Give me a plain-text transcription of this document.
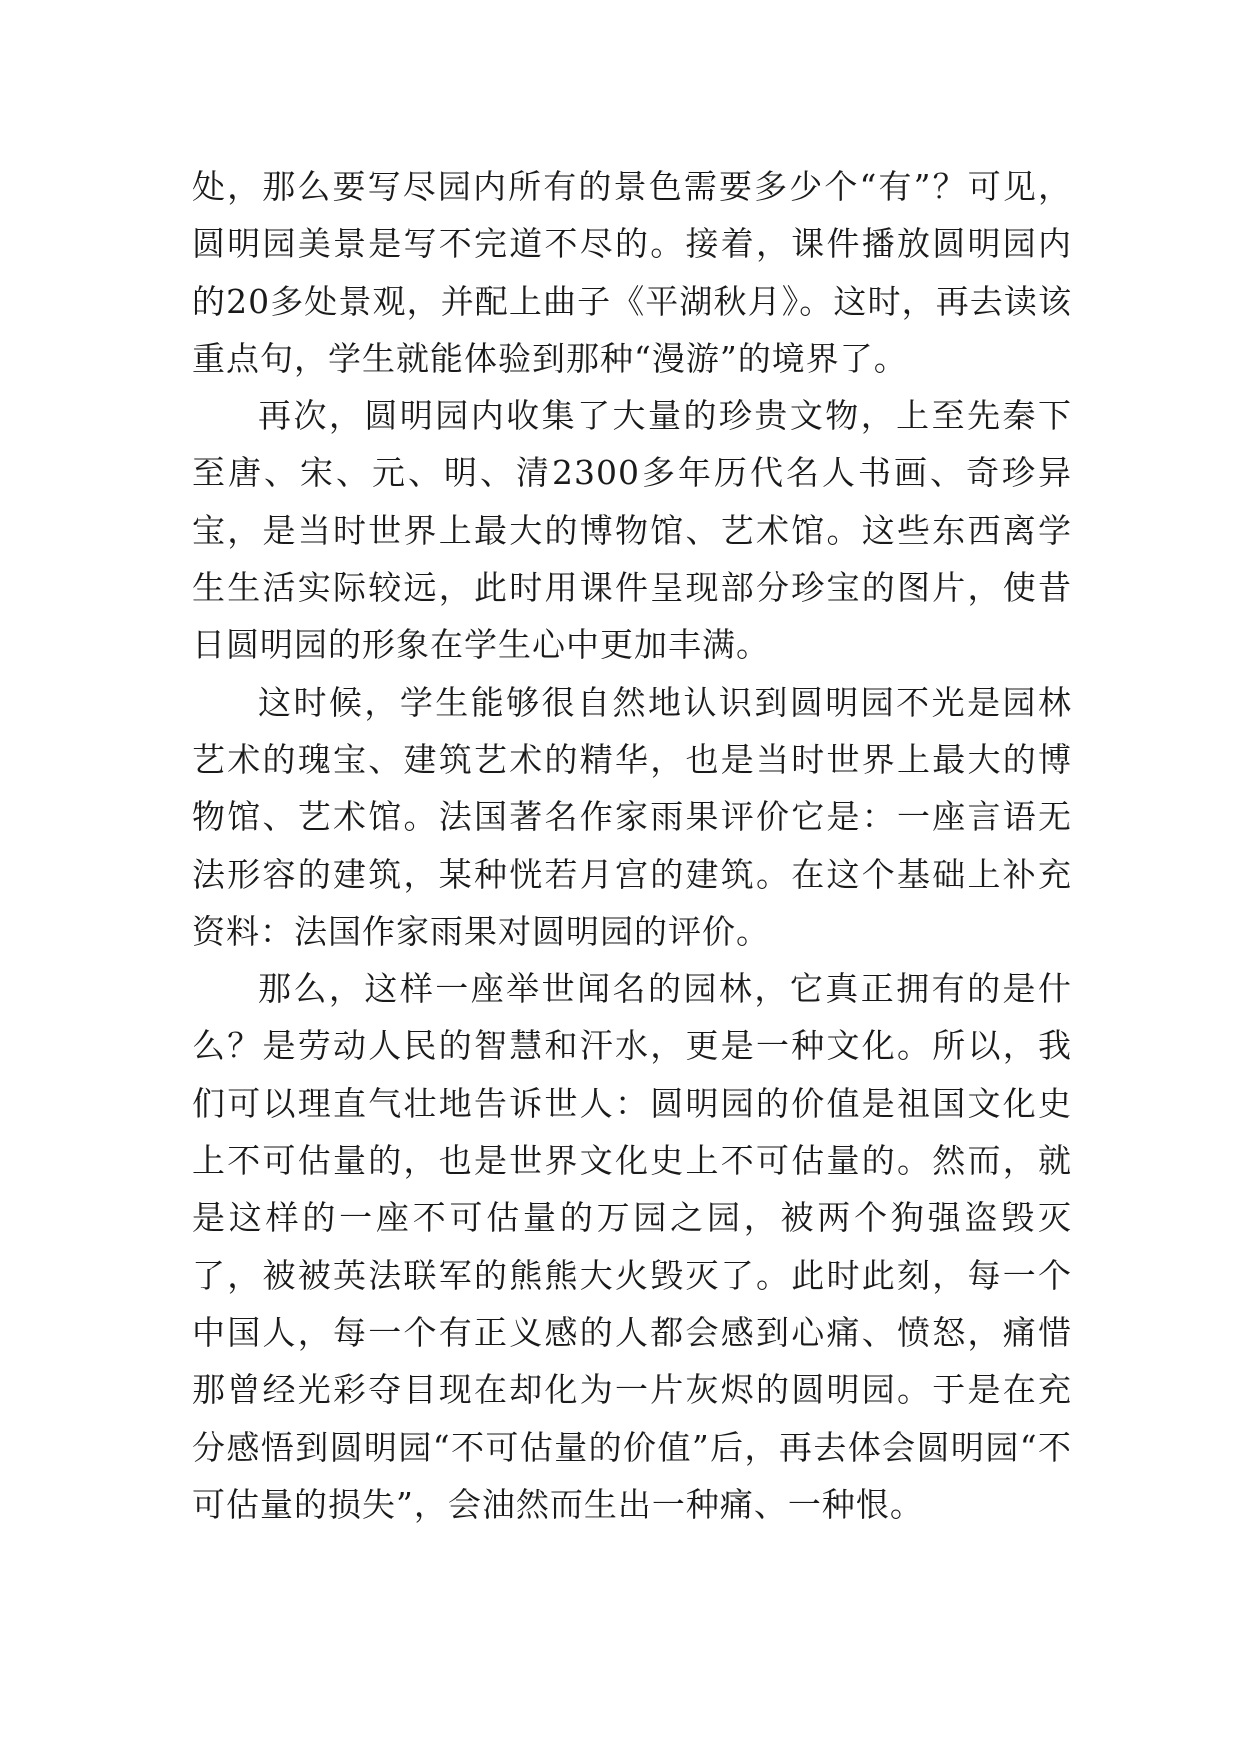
处，那么要写尽园内所有的景色需要多少个“有”？可见，圆明园美景是写不完道不尽的。接着，课件播放圆明园内的20多处景观，并配上曲子《平湖秋月》。这时，再去读该重点句，学生就能体验到那种“漫游”的境界了。

再次，圆明园内收集了大量的珍贵文物，上至先秦下至唐、宋、元、明、清2300多年历代名人书画、奇珍异宝，是当时世界上最大的博物馆、艺术馆。这些东西离学生生活实际较远，此时用课件呈现部分珍宝的图片，使昔日圆明园的形象在学生心中更加丰满。

这时候，学生能够很自然地认识到圆明园不光是园林艺术的瑰宝、建筑艺术的精华，也是当时世界上最大的博物馆、艺术馆。法国著名作家雨果评价它是：一座言语无法形容的建筑，某种恍若月宫的建筑。在这个基础上补充资料：法国作家雨果对圆明园的评价。

那么，这样一座举世闻名的园林，它真正拥有的是什么？是劳动人民的智慧和汗水，更是一种文化。所以，我们可以理直气壮地告诉世人：圆明园的价值是祖国文化史上不可估量的，也是世界文化史上不可估量的。然而，就是这样的一座不可估量的万园之园，被两个狗强盗毁灭了，被被英法联军的熊熊大火毁灭了。此时此刻，每一个中国人，每一个有正义感的人都会感到心痛、愤怒，痛惜那曾经光彩夺目现在却化为一片灰烬的圆明园。于是在充分感悟到圆明园“不可估量的价值”后，再去体会圆明园“不可估量的损失”，会油然而生出一种痛、一种恨。
